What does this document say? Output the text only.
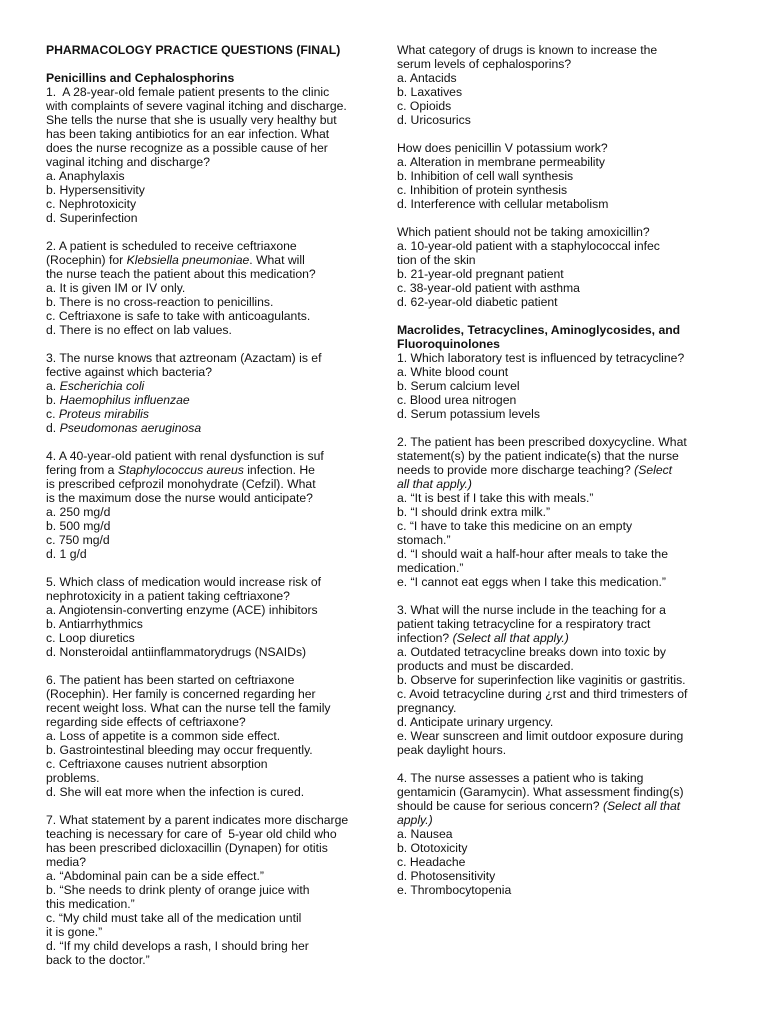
PHARMACOLOGY PRACTICE QUESTIONS (FINAL)
Penicillins and Cephalosphorins
1.  A 28-year-old female patient presents to the clinic
with complaints of severe vaginal itching and discharge.
She tells the nurse that she is usually very healthy but
has been taking antibiotics for an ear infection. What
does the nurse recognize as a possible cause of her
vaginal itching and discharge?
a. Anaphylaxis
b. Hypersensitivity
c. Nephrotoxicity
d. Superinfection
2. A patient is scheduled to receive ceftriaxone
(Rocephin) for Klebsiella pneumoniae. What will
the nurse teach the patient about this medication?
a. It is given IM or IV only.
b. There is no cross-reaction to penicillins.
c. Ceftriaxone is safe to take with anticoagulants.
d. There is no effect on lab values.
3. The nurse knows that aztreonam (Azactam) is ef
fective against which bacteria?
a. Escherichia coli
b. Haemophilus influenzae
c. Proteus mirabilis
d. Pseudomonas aeruginosa
4. A 40-year-old patient with renal dysfunction is suf
fering from a Staphylococcus aureus infection. He
is prescribed cefprozil monohydrate (Cefzil). What
is the maximum dose the nurse would anticipate?
a. 250 mg/d
b. 500 mg/d
c. 750 mg/d
d. 1 g/d
5. Which class of medication would increase risk of
nephrotoxicity in a patient taking ceftriaxone?
a. Angiotensin-converting enzyme (ACE) inhibitors
b. Antiarrhythmics
c. Loop diuretics
d. Nonsteroidal antiinflammatorydrugs (NSAIDs)
6. The patient has been started on ceftriaxone
(Rocephin). Her family is concerned regarding her
recent weight loss. What can the nurse tell the family
regarding side effects of ceftriaxone?
a. Loss of appetite is a common side effect.
b. Gastrointestinal bleeding may occur frequently.
c. Ceftriaxone causes nutrient absorption
problems.
d. She will eat more when the infection is cured.
7. What statement by a parent indicates more discharge
teaching is necessary for care of  5-year old child who
has been prescribed dicloxacillin (Dynapen) for otitis
media?
a. “Abdominal pain can be a side effect.”
b. “She needs to drink plenty of orange juice with
this medication.”
c. “My child must take all of the medication until
it is gone.”
d. “If my child develops a rash, I should bring her
back to the doctor.”
What category of drugs is known to increase the
serum levels of cephalosporins?
a. Antacids
b. Laxatives
c. Opioids
d. Uricosurics
How does penicillin V potassium work?
a. Alteration in membrane permeability
b. Inhibition of cell wall synthesis
c. Inhibition of protein synthesis
d. Interference with cellular metabolism
Which patient should not be taking amoxicillin?
a. 10-year-old patient with a staphylococcal infec
tion of the skin
b. 21-year-old pregnant patient
c. 38-year-old patient with asthma
d. 62-year-old diabetic patient
Macrolides, Tetracyclines, Aminoglycosides, and
Fluoroquinolones
1. Which laboratory test is influenced by tetracycline?
a. White blood count
b. Serum calcium level
c. Blood urea nitrogen
d. Serum potassium levels
2. The patient has been prescribed doxycycline. What
statement(s) by the patient indicate(s) that the nurse
needs to provide more discharge teaching? (Select
all that apply.)
a. “It is best if I take this with meals.”
b. “I should drink extra milk.”
c. “I have to take this medicine on an empty
stomach.”
d. “I should wait a half-hour after meals to take the
medication.”
e. “I cannot eat eggs when I take this medication.”
3. What will the nurse include in the teaching for a
patient taking tetracycline for a respiratory tract
infection? (Select all that apply.)
a. Outdated tetracycline breaks down into toxic by
products and must be discarded.
b. Observe for superinfection like vaginitis or gastritis.
c. Avoid tetracycline during ¿rst and third trimesters of
pregnancy.
d. Anticipate urinary urgency.
e. Wear sunscreen and limit outdoor exposure during
peak daylight hours.
4. The nurse assesses a patient who is taking
gentamicin (Garamycin). What assessment finding(s)
should be cause for serious concern? (Select all that
apply.)
a. Nausea
b. Ototoxicity
c. Headache
d. Photosensitivity
e. Thrombocytopenia
